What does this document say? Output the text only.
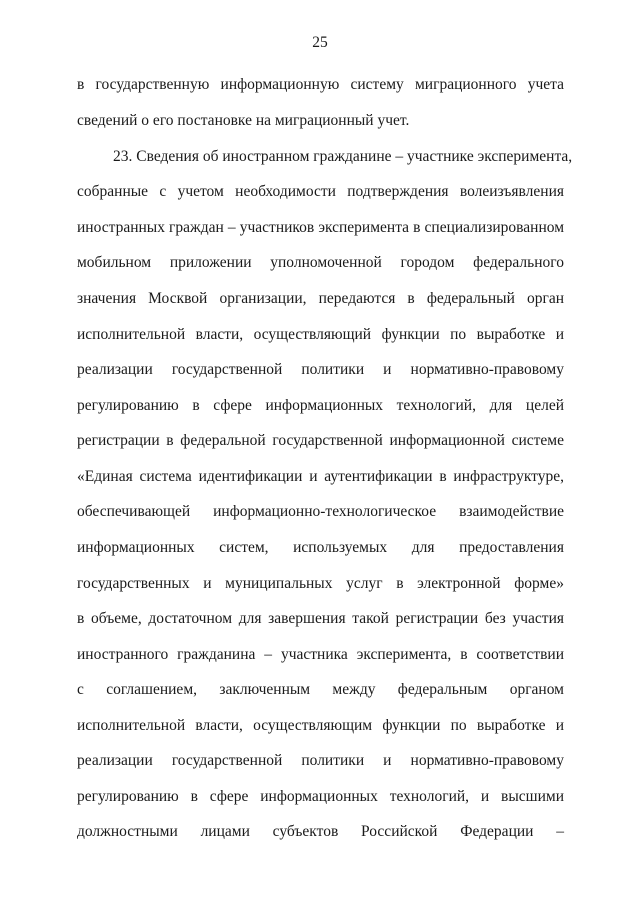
25
в государственную информационную систему миграционного учета
сведений о его постановке на миграционный учет.
23. Сведения об иностранном гражданине – участнике эксперимента,
собранные с учетом необходимости подтверждения волеизъявления
иностранных граждан – участников эксперимента в специализированном
мобильном приложении уполномоченной городом федерального
значения Москвой организации, передаются в федеральный орган
исполнительной власти, осуществляющий функции по выработке и
реализации государственной политики и нормативно-правовому
регулированию в сфере информационных технологий, для целей
регистрации в федеральной государственной информационной системе
«Единая система идентификации и аутентификации в инфраструктуре,
обеспечивающей информационно-технологическое взаимодействие
информационных систем, используемых для предоставления
государственных и муниципальных услуг в электронной форме»
в объеме, достаточном для завершения такой регистрации без участия
иностранного гражданина – участника эксперимента, в соответствии
с соглашением, заключенным между федеральным органом
исполнительной власти, осуществляющим функции по выработке и
реализации государственной политики и нормативно-правовому
регулированию в сфере информационных технологий, и высшими
должностными лицами субъектов Российской Федерации –
